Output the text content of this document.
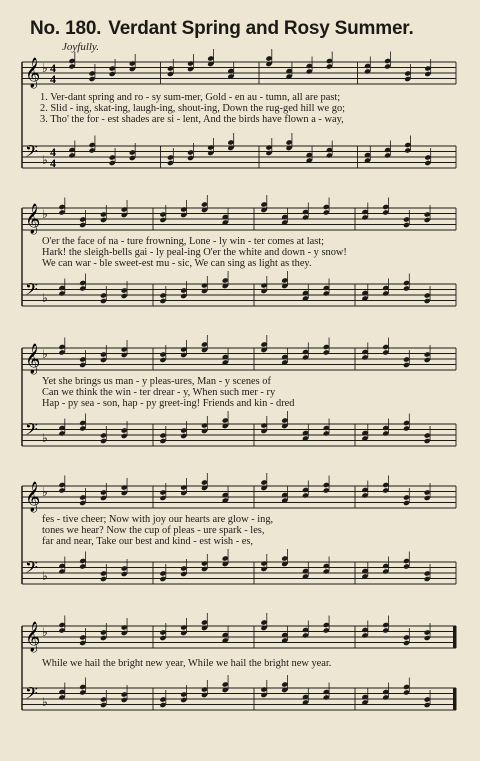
No. 180. Verdant Spring and Rosy Summer.
Joyfully.
𝄞 ♭ 4
4
𝄢 ♭
4
4
1. Ver-dant spring and ro - sy sum-mer, Gold - en au - tumn, all are past;
2. Slid - ing, skat-ing, laugh-ing, shout-ing, Down the rug-ged hill we go;
3. Tho' the for - est shades are si - lent, And the birds have flown a - way,
𝄞 ♭
𝄢 ♭
O'er the face of na - ture frowning, Lone - ly win - ter comes at last;
Hark! the sleigh-bells gai - ly peal-ing O'er the white and down - y snow!
We can war - ble sweet-est mu - sic, We can sing as light as they.
𝄞 ♭
𝄢 ♭
Yet she brings us man - y pleas-ures, Man - y scenes of
Can we think the win - ter drear - y, When such mer - ry
Hap - py sea - son, hap - py greet-ing! Friends and kin - dred
𝄞 ♭
𝄢 ♭
fes - tive cheer; Now with joy our hearts are glow - ing,
tones we hear? Now the cup of pleas - ure spark - les,
far and near, Take our best and kind - est wish - es,
𝄞 ♭
𝄢 ♭
While we hail the bright new year, While we hail the bright new year.
